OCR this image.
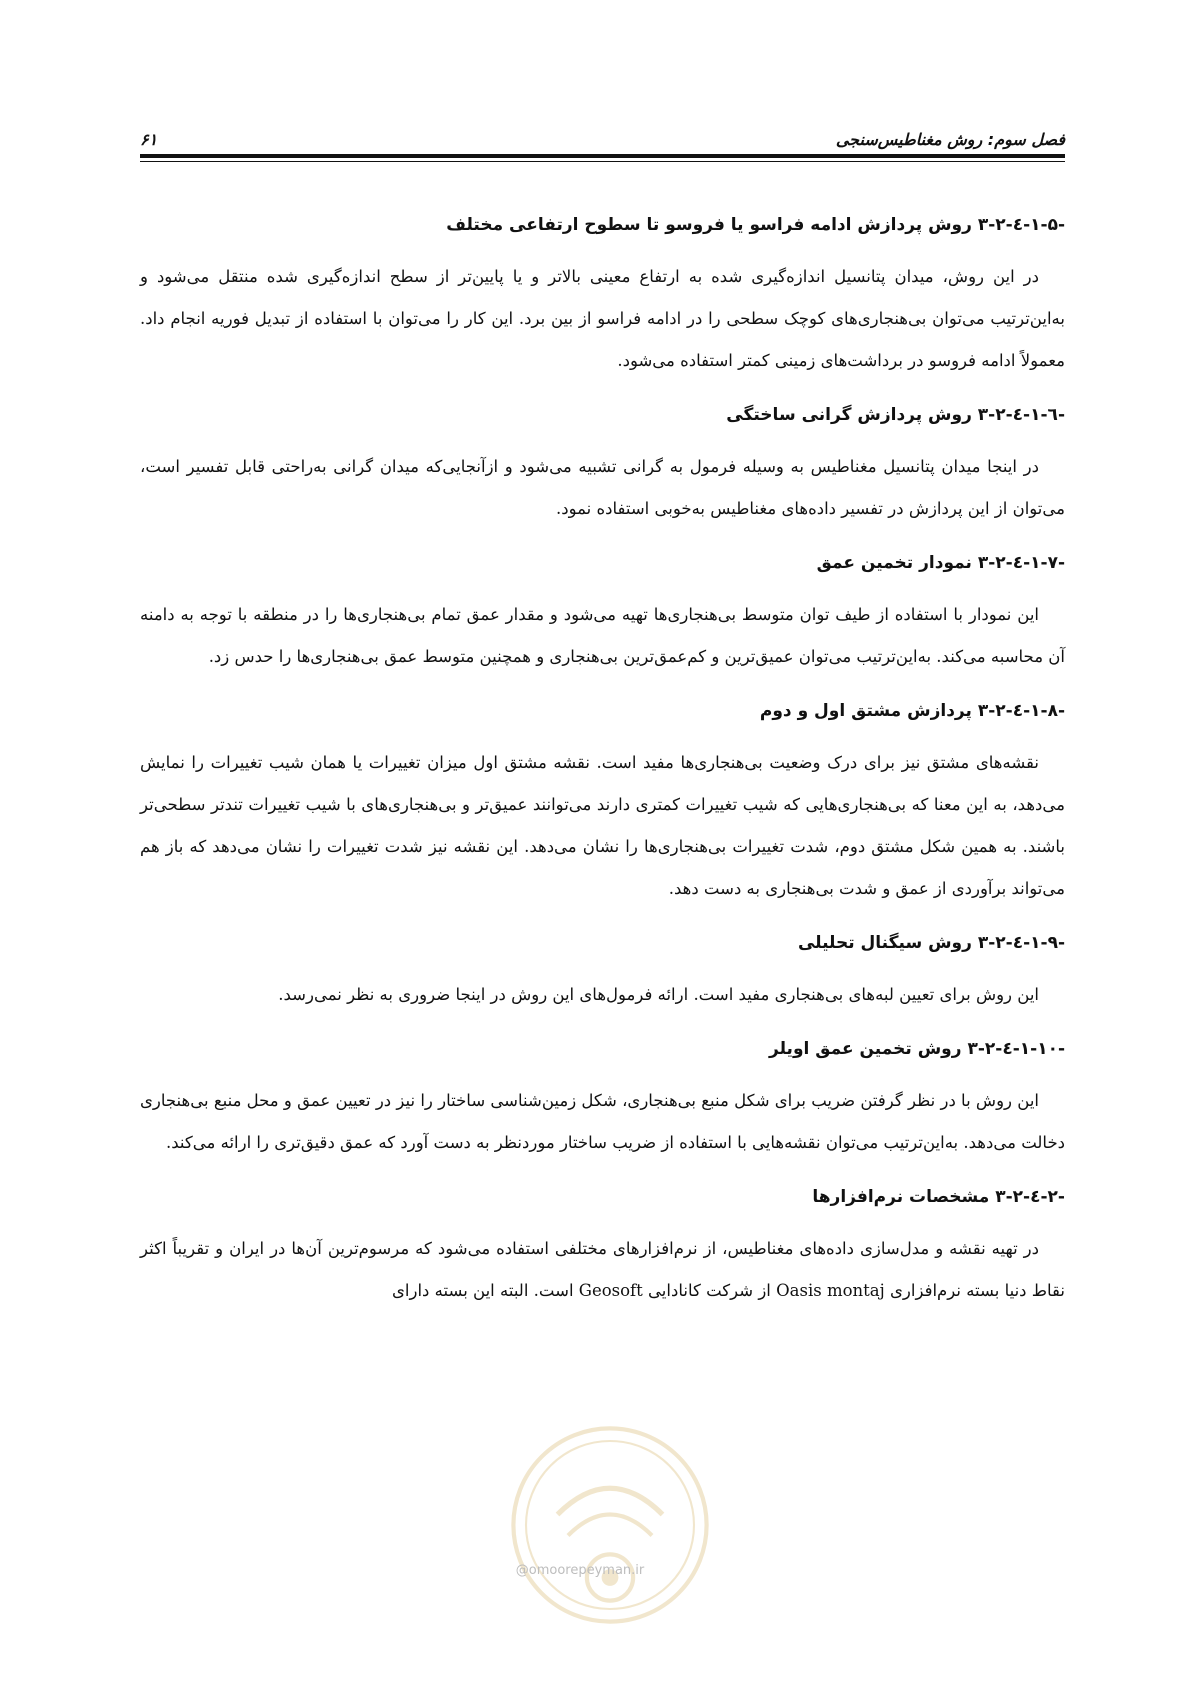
فصل سوم: روش مغناطیس‌سنجی
۶۱
۳-۲-٤-۱-۵- روش پردازش ادامه فراسو یا فروسو تا سطوح ارتفاعی مختلف

در این روش، میدان پتانسیل اندازه‌گیری شده به ارتفاع معینی بالاتر و یا پایین‌تر از سطح اندازه‌گیری شده منتقل می‌شود و به‌این‌ترتیب می‌توان بی‌هنجاری‌های کوچک سطحی را در ادامه فراسو از بین برد. این کار را می‌توان با استفاده از تبدیل فوریه انجام داد. معمولاً ادامه فروسو در برداشت‌های زمینی کمتر استفاده می‌شود.

۳-۲-٤-۱-٦- روش پردازش گرانی ساختگی

در اینجا میدان پتانسیل مغناطیس به وسیله فرمول به گرانی تشبیه می‌شود و ازآنجایی‌که میدان گرانی به‌راحتی قابل تفسیر است، می‌توان از این پردازش در تفسیر داده‌های مغناطیس به‌خوبی استفاده نمود.

۳-۲-٤-۱-۷- نمودار تخمین عمق

این نمودار با استفاده از طیف توان متوسط بی‌هنجاری‌ها تهیه می‌شود و مقدار عمق تمام بی‌هنجاری‌ها را در منطقه با توجه به دامنه آن محاسبه می‌کند. به‌این‌ترتیب می‌توان عمیق‌ترین و کم‌عمق‌ترین بی‌هنجاری و همچنین متوسط عمق بی‌هنجاری‌ها را حدس زد.

۳-۲-٤-۱-۸- پردازش مشتق اول و دوم

نقشه‌های مشتق نیز برای درک وضعیت بی‌هنجاری‌ها مفید است. نقشه مشتق اول میزان تغییرات یا همان شیب تغییرات را نمایش می‌دهد، به این معنا که بی‌هنجاری‌هایی که شیب تغییرات کمتری دارند می‌توانند عمیق‌تر و بی‌هنجاری‌های با شیب تغییرات تندتر سطحی‌تر باشند. به همین شکل مشتق دوم، شدت تغییرات بی‌هنجاری‌ها را نشان می‌دهد. این نقشه نیز شدت تغییرات را نشان می‌دهد که باز هم می‌تواند برآوردی از عمق و شدت بی‌هنجاری به دست دهد.

۳-۲-٤-۱-۹- روش سیگنال تحلیلی

این روش برای تعیین لبه‌های بی‌هنجاری مفید است. ارائه فرمول‌های این روش در اینجا ضروری به نظر نمی‌رسد.

۳-۲-٤-۱-۱۰- روش تخمین عمق اویلر

این روش با در نظر گرفتن ضریب برای شکل منبع بی‌هنجاری، شکل زمین‌شناسی ساختار را نیز در تعیین عمق و محل منبع بی‌هنجاری دخالت می‌دهد. به‌این‌ترتیب می‌توان نقشه‌هایی با استفاده از ضریب ساختار موردنظر به دست آورد که عمق دقیق‌تری را ارائه می‌کند.

۳-۲-٤-۲- مشخصات نرم‌افزارها

در تهیه نقشه و مدل‌سازی داده‌های مغناطیس، از نرم‌افزارهای مختلفی استفاده می‌شود که مرسوم‌ترین آن‌ها در ایران و تقریباً اکثر نقاط دنیا بسته نرم‌افزاری Oasis montaj از شرکت کانادایی Geosoft است. البته این بسته دارای

@omoorepeyman.ir
